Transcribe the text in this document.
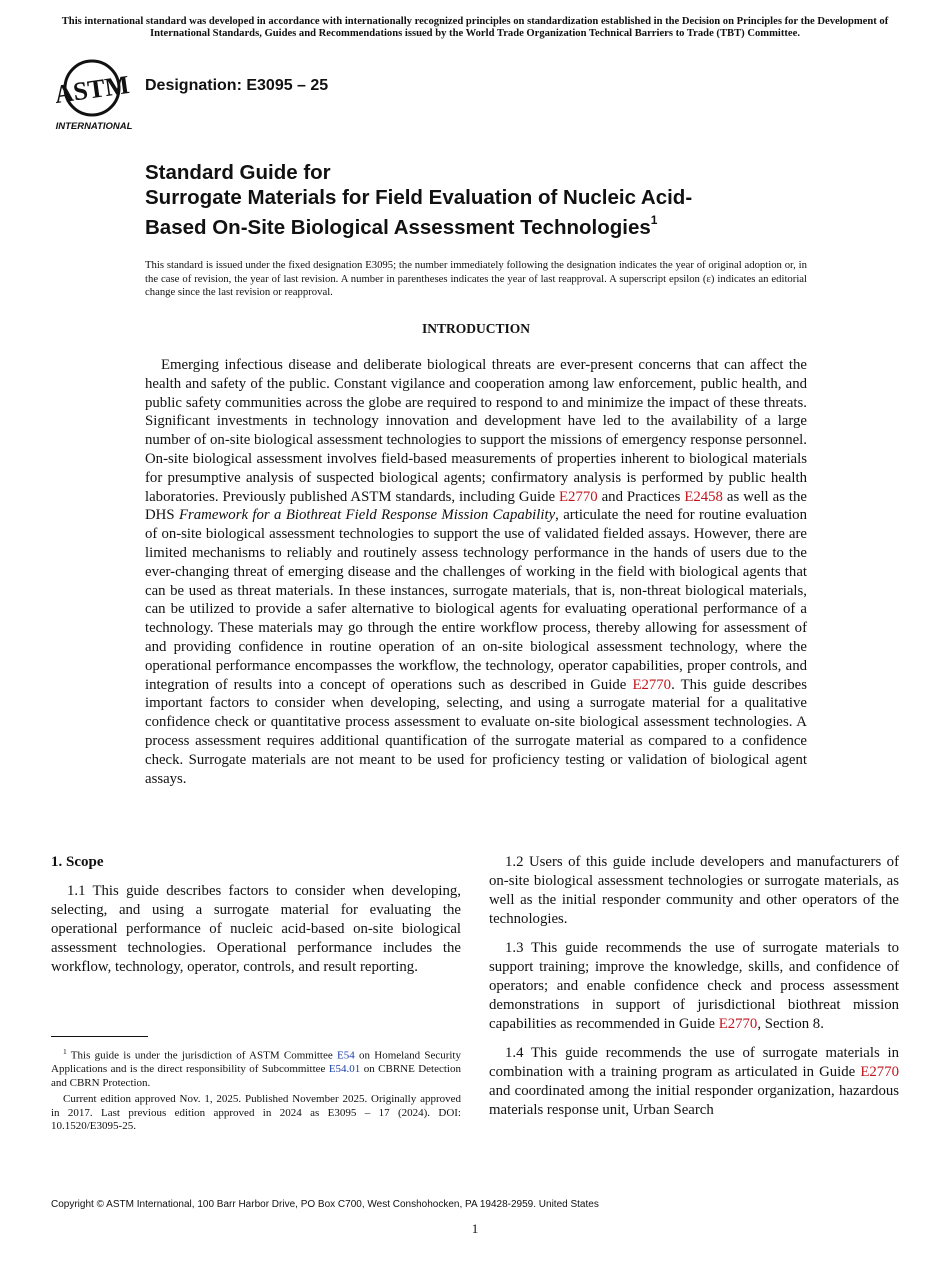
This international standard was developed in accordance with internationally recognized principles on standardization established in the Decision on Principles for the Development of International Standards, Guides and Recommendations issued by the World Trade Organization Technical Barriers to Trade (TBT) Committee.
ASTM
INTERNATIONAL
Designation: E3095 – 25
Standard Guide for
Surrogate Materials for Field Evaluation of Nucleic Acid-
Based On-Site Biological Assessment Technologies$^1$
This standard is issued under the fixed designation E3095; the number immediately following the designation indicates the year of original adoption or, in the case of revision, the year of last revision. A number in parentheses indicates the year of last reapproval. A superscript epsilon (ε) indicates an editorial change since the last revision or reapproval.
INTRODUCTION
Emerging infectious disease and deliberate biological threats are ever-present concerns that can affect the health and safety of the public. Constant vigilance and cooperation among law enforcement, public health, and public safety communities across the globe are required to respond to and minimize the impact of these threats. Significant investments in technology innovation and development have led to the availability of a large number of on-site biological assessment technologies to support the missions of emergency response personnel. On-site biological assessment involves field-based measurements of properties inherent to biological materials for presumptive analysis of suspected biological agents; confirmatory analysis is performed by public health laboratories. Previously published ASTM standards, including Guide E2770 and Practices E2458 as well as the DHS Framework for a Biothreat Field Response Mission Capability, articulate the need for routine evaluation of on-site biological assessment technologies to support the use of validated fielded assays. However, there are limited mechanisms to reliably and routinely assess technology performance in the hands of users due to the ever-changing threat of emerging disease and the challenges of working in the field with biological agents that can be used as threat materials. In these instances, surrogate materials, that is, non-threat biological materials, can be utilized to provide a safer alternative to biological agents for evaluating operational performance of a technology. These materials may go through the entire workflow process, thereby allowing for assessment of and providing confidence in routine operation of an on-site biological assessment technology, where the operational performance encompasses the workflow, the technology, operator capabilities, proper controls, and integration of results into a concept of operations such as described in Guide E2770. This guide describes important factors to consider when developing, selecting, and using a surrogate material for a qualitative confidence check or quantitative process assessment to evaluate on-site biological assessment technologies. A process assessment requires additional quantification of the surrogate material as compared to a confidence check. Surrogate materials are not meant to be used for proficiency testing or validation of biological agent assays.

1. Scope

1.1 This guide describes factors to consider when developing, selecting, and using a surrogate material for evaluating the operational performance of nucleic acid-based on-site biological assessment technologies. Operational performance includes the workflow, technology, operator, controls, and result reporting.

$^1$ This guide is under the jurisdiction of ASTM Committee E54 on Homeland Security Applications and is the direct responsibility of Subcommittee E54.01 on CBRNE Detection and CBRN Protection.

Current edition approved Nov. 1, 2025. Published November 2025. Originally approved in 2017. Last previous edition approved in 2024 as E3095 – 17 (2024). DOI: 10.1520/E3095-25.

1.2 Users of this guide include developers and manufacturers of on-site biological assessment technologies or surrogate materials, as well as the initial responder community and other operators of the technologies.

1.3 This guide recommends the use of surrogate materials to support training; improve the knowledge, skills, and confidence of operators; and enable confidence check and process assessment demonstrations in support of jurisdictional biothreat mission capabilities as recommended in Guide E2770, Section 8.

1.4 This guide recommends the use of surrogate materials in combination with a training program as articulated in Guide E2770 and coordinated among the initial responder organization, hazardous materials response unit, Urban Search

Copyright © ASTM International, 100 Barr Harbor Drive, PO Box C700, West Conshohocken, PA 19428-2959. United States
1
